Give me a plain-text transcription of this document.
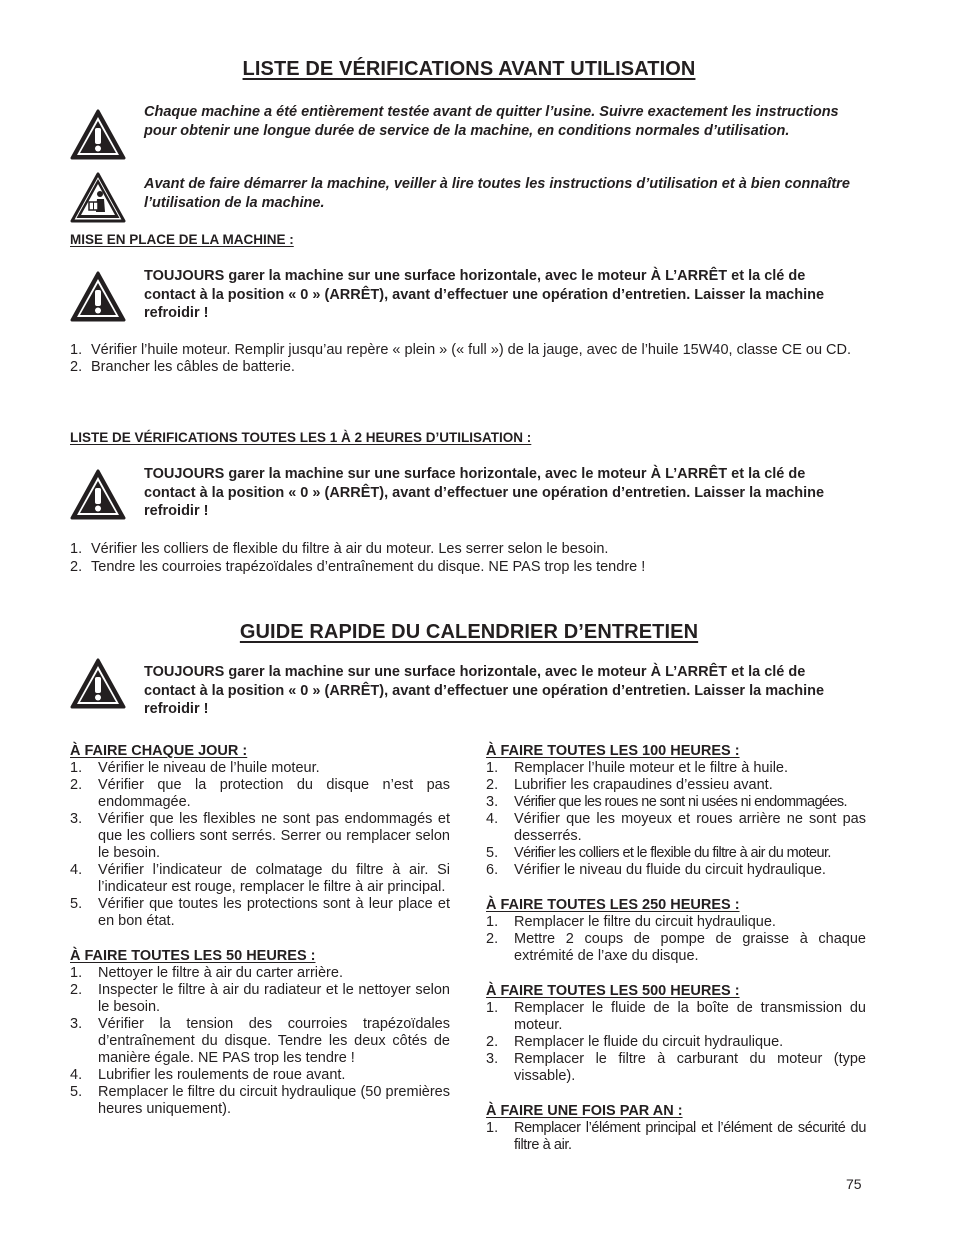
LISTE DE VÉRIFICATIONS AVANT UTILISATION
Chaque machine a été entièrement testée avant de quitter l’usine. Suivre exactement les instructions pour obtenir une longue durée de service de la machine, en conditions normales d’utilisation.
Avant de faire démarrer la machine, veiller à lire toutes les instructions d’utilisation et à bien connaître l’utilisation de la machine.
MISE EN PLACE DE LA MACHINE :
TOUJOURS garer la machine sur une surface horizontale, avec le moteur À L’ARRÊT et la clé de contact à la position « 0 » (ARRÊT), avant d’effectuer une opération d’entretien. Laisser la machine refroidir !
1. Vérifier l’huile moteur. Remplir jusqu’au repère « plein » (« full ») de la jauge, avec de l’huile 15W40, classe CE ou CD.
2. Brancher les câbles de batterie.
LISTE DE VÉRIFICATIONS TOUTES LES 1 À 2 HEURES D’UTILISATION :
TOUJOURS garer la machine sur une surface horizontale, avec le moteur À L’ARRÊT et la clé de contact à la position « 0 » (ARRÊT), avant d’effectuer une opération d’entretien. Laisser la machine refroidir !
1. Vérifier les colliers de flexible du filtre à air du moteur. Les serrer selon le besoin.
2. Tendre les courroies trapézoïdales d’entraînement du disque. NE PAS trop les tendre !
GUIDE RAPIDE DU CALENDRIER D’ENTRETIEN
TOUJOURS garer la machine sur une surface horizontale, avec le moteur À L’ARRÊT et la clé de contact à la position « 0 » (ARRÊT), avant d’effectuer une opération d’entretien. Laisser la machine refroidir !
À FAIRE CHAQUE JOUR :
1. Vérifier le niveau de l’huile moteur.
2. Vérifier que la protection du disque n’est pas endommagée.
3. Vérifier que les flexibles ne sont pas endommagés et que les colliers sont serrés. Serrer ou remplacer selon le besoin.
4. Vérifier l’indicateur de colmatage du filtre à air. Si l’indicateur est rouge, remplacer le filtre à air principal.
5. Vérifier que toutes les protections sont à leur place et en bon état.
À FAIRE TOUTES LES 50 HEURES :
1. Nettoyer le filtre à air du carter arrière.
2. Inspecter le filtre à air du radiateur et le nettoyer selon le besoin.
3. Vérifier la tension des courroies trapézoïdales d’entraînement du disque. Tendre les deux côtés de manière égale. NE PAS trop les tendre !
4. Lubrifier les roulements de roue avant.
5. Remplacer le filtre du circuit hydraulique (50 premières heures uniquement).
À FAIRE TOUTES LES 100 HEURES :
1. Remplacer l’huile moteur et le filtre à huile.
2. Lubrifier les crapaudines d’essieu avant.
3. Vérifier que les roues ne sont ni usées ni endommagées.
4. Vérifier que les moyeux et roues arrière ne sont pas desserrés.
5. Vérifier les colliers et le flexible du filtre à air du moteur.
6. Vérifier le niveau du fluide du circuit hydraulique.
À FAIRE TOUTES LES 250 HEURES :
1. Remplacer le filtre du circuit hydraulique.
2. Mettre 2 coups de pompe de graisse à chaque extrémité de l’axe du disque.
À FAIRE TOUTES LES 500 HEURES :
1. Remplacer le fluide de la boîte de transmission du moteur.
2. Remplacer le fluide du circuit hydraulique.
3. Remplacer le filtre à carburant du moteur (type vissable).
À FAIRE UNE FOIS PAR AN :
1. Remplacer l’élément principal et l’élément de sécurité du filtre à air.
75
